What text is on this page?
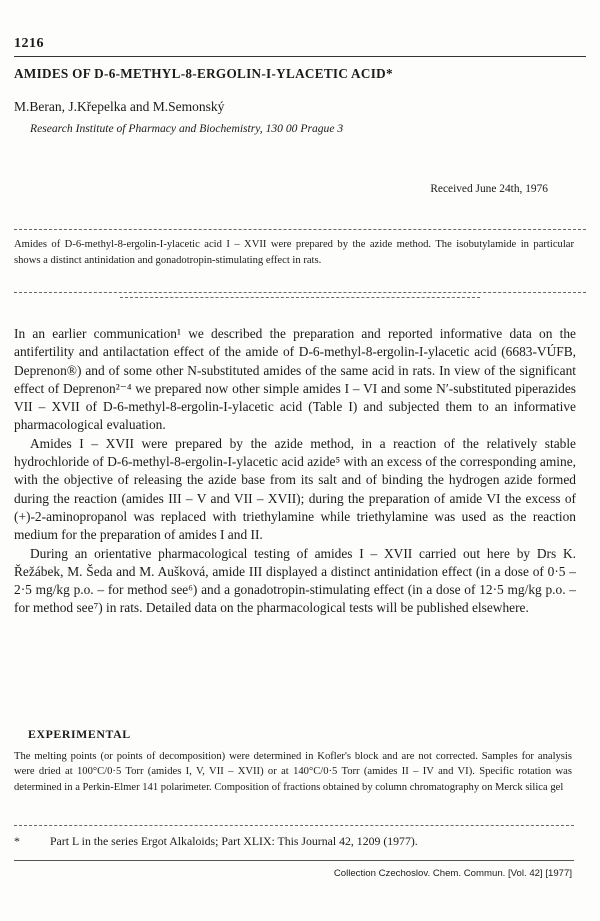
1216
AMIDES OF D-6-METHYL-8-ERGOLIN-I-YLACETIC ACID*
M.Beran, J.Křepelka and M.Semonský
Research Institute of Pharmacy and Biochemistry, 130 00 Prague 3
Received June 24th, 1976
Amides of D-6-methyl-8-ergolin-I-ylacetic acid I – XVII were prepared by the azide method. The isobutylamide in particular shows a distinct antinidation and gonadotropin-stimulating effect in rats.

In an earlier communication¹ we described the preparation and reported informative data on the antifertility and antilactation effect of the amide of D-6-methyl-8-ergolin-I-ylacetic acid (6683-VÚFB, Deprenon®) and of some other N-substituted amides of the same acid in rats. In view of the significant effect of Deprenon²⁻⁴ we prepared now other simple amides I – VI and some N′-substituted piperazides VII – XVII of D-6-methyl-8-ergolin-I-ylacetic acid (Table I) and subjected them to an informative pharmacological evaluation.

Amides I – XVII were prepared by the azide method, in a reaction of the relatively stable hydrochloride of D-6-methyl-8-ergolin-I-ylacetic acid azide⁵ with an excess of the corresponding amine, with the objective of releasing the azide base from its salt and of binding the hydrogen azide formed during the reaction (amides III – V and VII – XVII); during the preparation of amide VI the excess of (+)-2-aminopropanol was replaced with triethylamine while triethylamine was used as the reaction medium for the preparation of amides I and II.

During an orientative pharmacological testing of amides I – XVII carried out here by Drs K. Řežábek, M. Šeda and M. Aušková, amide III displayed a distinct antinidation effect (in a dose of 0·5 – 2·5 mg/kg p.o. – for method see⁶) and a gonadotropin-stimulating effect (in a dose of 12·5 mg/kg p.o. – for method see⁷) in rats. Detailed data on the pharmacological tests will be published elsewhere.

EXPERIMENTAL
The melting points (or points of decomposition) were determined in Kofler's block and are not corrected. Samples for analysis were dried at 100°C/0·5 Torr (amides I, V, VII – XVII) or at 140°C/0·5 Torr (amides II – IV and VI). Specific rotation was determined in a Perkin-Elmer 141 polarimeter. Composition of fractions obtained by column chromatography on Merck silica gel
*	Part L in the series Ergot Alkaloids; Part XLIX: This Journal 42, 1209 (1977).
Collection Czechoslov. Chem. Commun. [Vol. 42] [1977]
